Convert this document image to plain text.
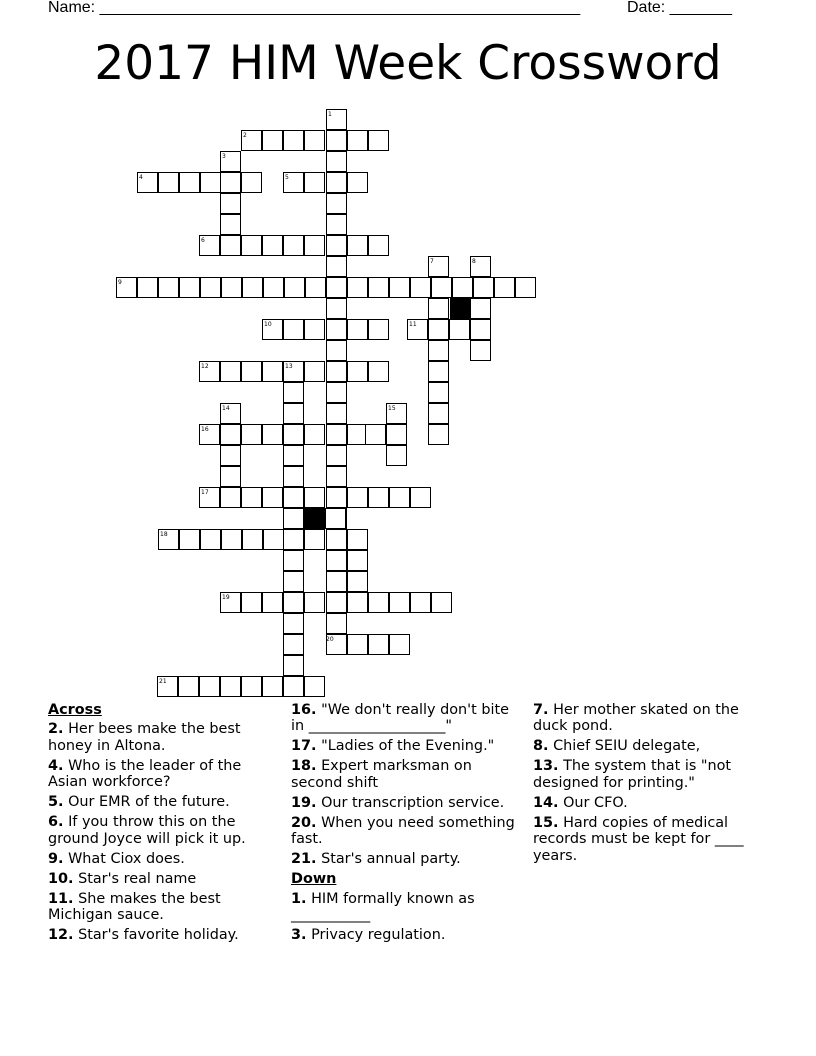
Name: ______________________________________________________	Date: _______
2017 HIM Week Crossword
1
2
3
4	5
6
7	8
9
10	11
12	13
14	15
16
17
18
19
20
21
Across
2. Her bees make the best honey in Altona.
4. Who is the leader of the Asian workforce?
5. Our EMR of the future.
6. If you throw this on the ground Joyce will pick it up.
9. What Ciox does.
10. Star's real name
11. She makes the best Michigan sauce.
12. Star's favorite holiday.
16. "We don't really don't bite in ___________________"
17. "Ladies of the Evening."
18. Expert marksman on second shift
19. Our transcription service.
20. When you need something fast.
21. Star's annual party.
Down
1. HIM formally known as ___________
3. Privacy regulation.
7. Her mother skated on the duck pond.
8. Chief SEIU delegate,
13. The system that is "not designed for printing."
14. Our CFO.
15. Hard copies of medical records must be kept for ____ years.
